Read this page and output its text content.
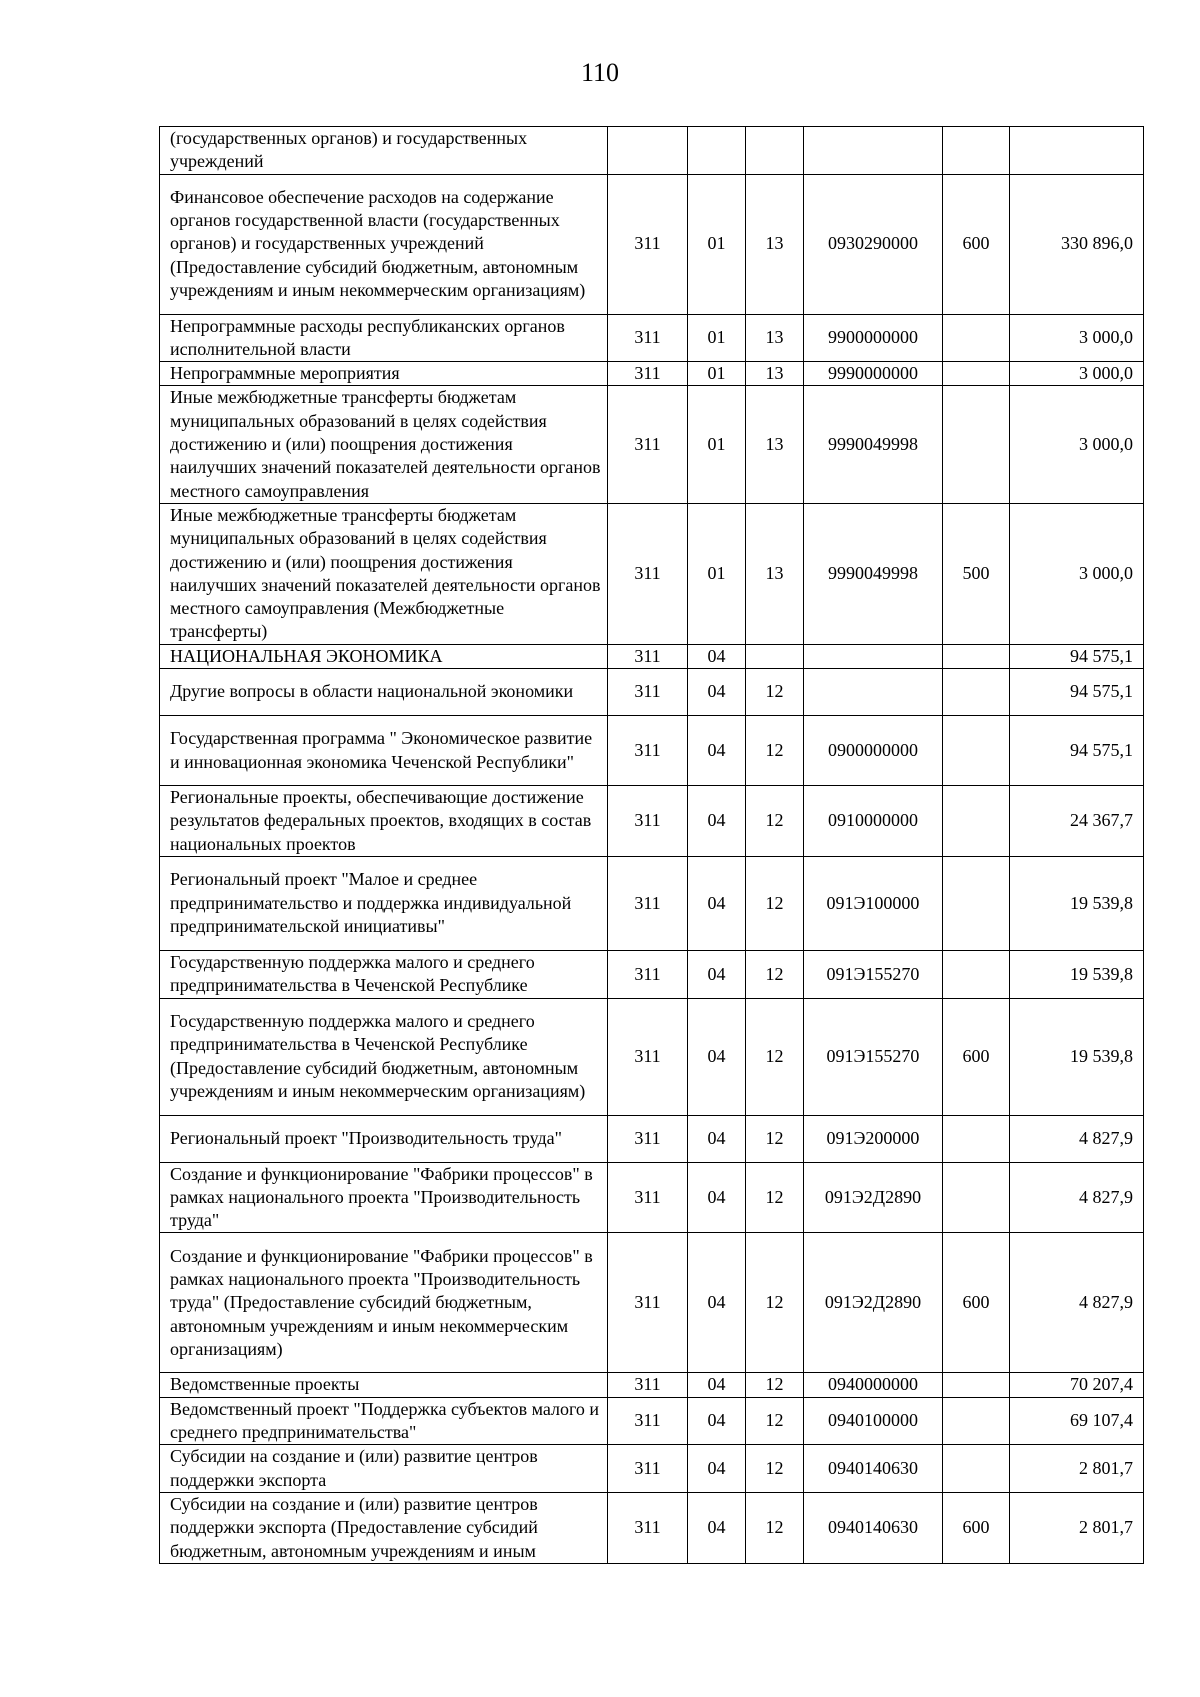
110
(государственных органов) и государственных учреждений						
Финансовое обеспечение расходов на содержание органов государственной власти (государственных органов) и государственных учреждений (Предоставление субсидий бюджетным, автономным учреждениям и иным некоммерческим организациям)	311	01	13	0930290000	600	330 896,0
Непрограммные расходы республиканских органов исполнительной власти	311	01	13	9900000000		3 000,0
Непрограммные мероприятия	311	01	13	9990000000		3 000,0
Иные межбюджетные трансферты бюджетам муниципальных образований в целях содействия достижению и (или) поощрения достижения наилучших значений показателей деятельности органов местного самоуправления	311	01	13	9990049998		3 000,0
Иные межбюджетные трансферты бюджетам муниципальных образований в целях содействия достижению и (или) поощрения достижения наилучших значений показателей деятельности органов местного самоуправления (Межбюджетные трансферты)	311	01	13	9990049998	500	3 000,0
НАЦИОНАЛЬНАЯ ЭКОНОМИКА	311	04				94 575,1
Другие вопросы в области национальной экономики	311	04	12			94 575,1
Государственная программа " Экономическое развитие и инновационная экономика Чеченской Республики"	311	04	12	0900000000		94 575,1
Региональные проекты, обеспечивающие достижение результатов федеральных проектов, входящих в состав национальных проектов	311	04	12	0910000000		24 367,7
Региональный проект "Малое и среднее предпринимательство и поддержка индивидуальной предпринимательской инициативы"	311	04	12	091Э100000		19 539,8
Государственную поддержка малого и среднего предпринимательства в Чеченской Республике	311	04	12	091Э155270		19 539,8
Государственную поддержка малого и среднего предпринимательства в Чеченской Республике (Предоставление субсидий бюджетным, автономным учреждениям и иным некоммерческим организациям)	311	04	12	091Э155270	600	19 539,8
Региональный проект "Производительность труда"	311	04	12	091Э200000		4 827,9
Создание и функционирование "Фабрики процессов" в рамках национального проекта "Производительность труда"	311	04	12	091Э2Д2890		4 827,9
Создание и функционирование "Фабрики процессов" в рамках национального проекта "Производительность труда" (Предоставление субсидий бюджетным, автономным учреждениям и иным некоммерческим организациям)	311	04	12	091Э2Д2890	600	4 827,9
Ведомственные проекты	311	04	12	0940000000		70 207,4
Ведомственный проект "Поддержка субъектов малого и среднего предпринимательства"	311	04	12	0940100000		69 107,4
Субсидии на создание и (или) развитие центров поддержки экспорта	311	04	12	0940140630		2 801,7
Субсидии на создание и (или) развитие центров поддержки экспорта (Предоставление субсидий бюджетным, автономным учреждениям и иным	311	04	12	0940140630	600	2 801,7
